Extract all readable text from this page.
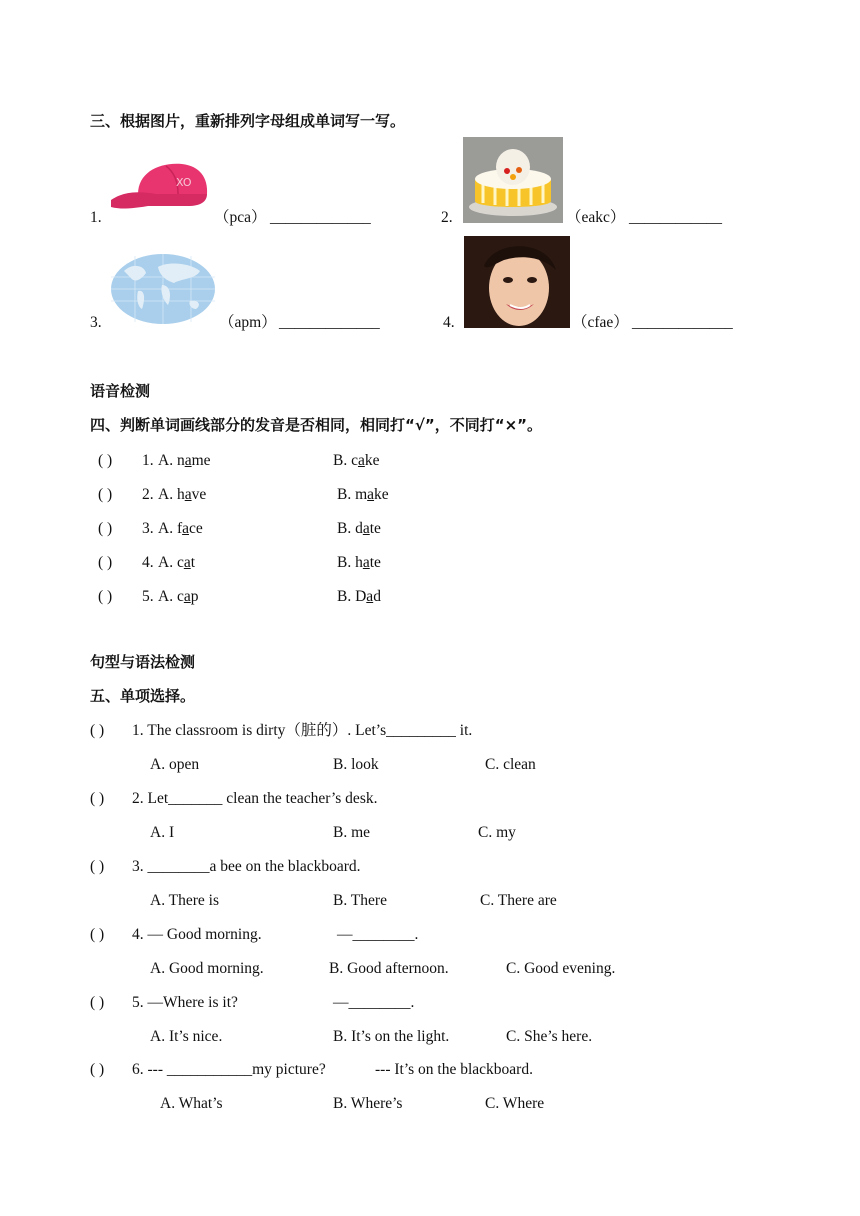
三、根据图片，重新排列字母组成单词写一写。
1.
XO
（pca） _____________	2.	（eakc） ____________
3.	（apm） _____________	4.	（cfae） _____________
语音检测
四、判断单词画线部分的发音是否相同，相同打“√”，不同打“×”。
( ) 1. A. name	B. cake
( ) 2. A. have	B. make
( ) 3. A. face	B. date
( ) 4. A. cat	B. hate
( ) 5. A. cap	B. Dad
句型与语法检测
五、单项选择。
( ) 1. The classroom is dirty（脏的）. Let’s_________ it.
A. open	B. look	C. clean
( ) 2. Let_______ clean the teacher’s desk.
A. I	B. me	C. my
( ) 3. ________a bee on the blackboard.
A. There is	B. There	C. There are
( ) 4. — Good morning.	—________.
A. Good morning.	B. Good afternoon.	C. Good evening.
( ) 5. —Where is it?	—________.
A. It’s nice.	B. It’s on the light.	C. She’s here.
( ) 6. --- ___________my picture?	--- It’s on the blackboard.
A. What’s	B. Where’s	C. Where
